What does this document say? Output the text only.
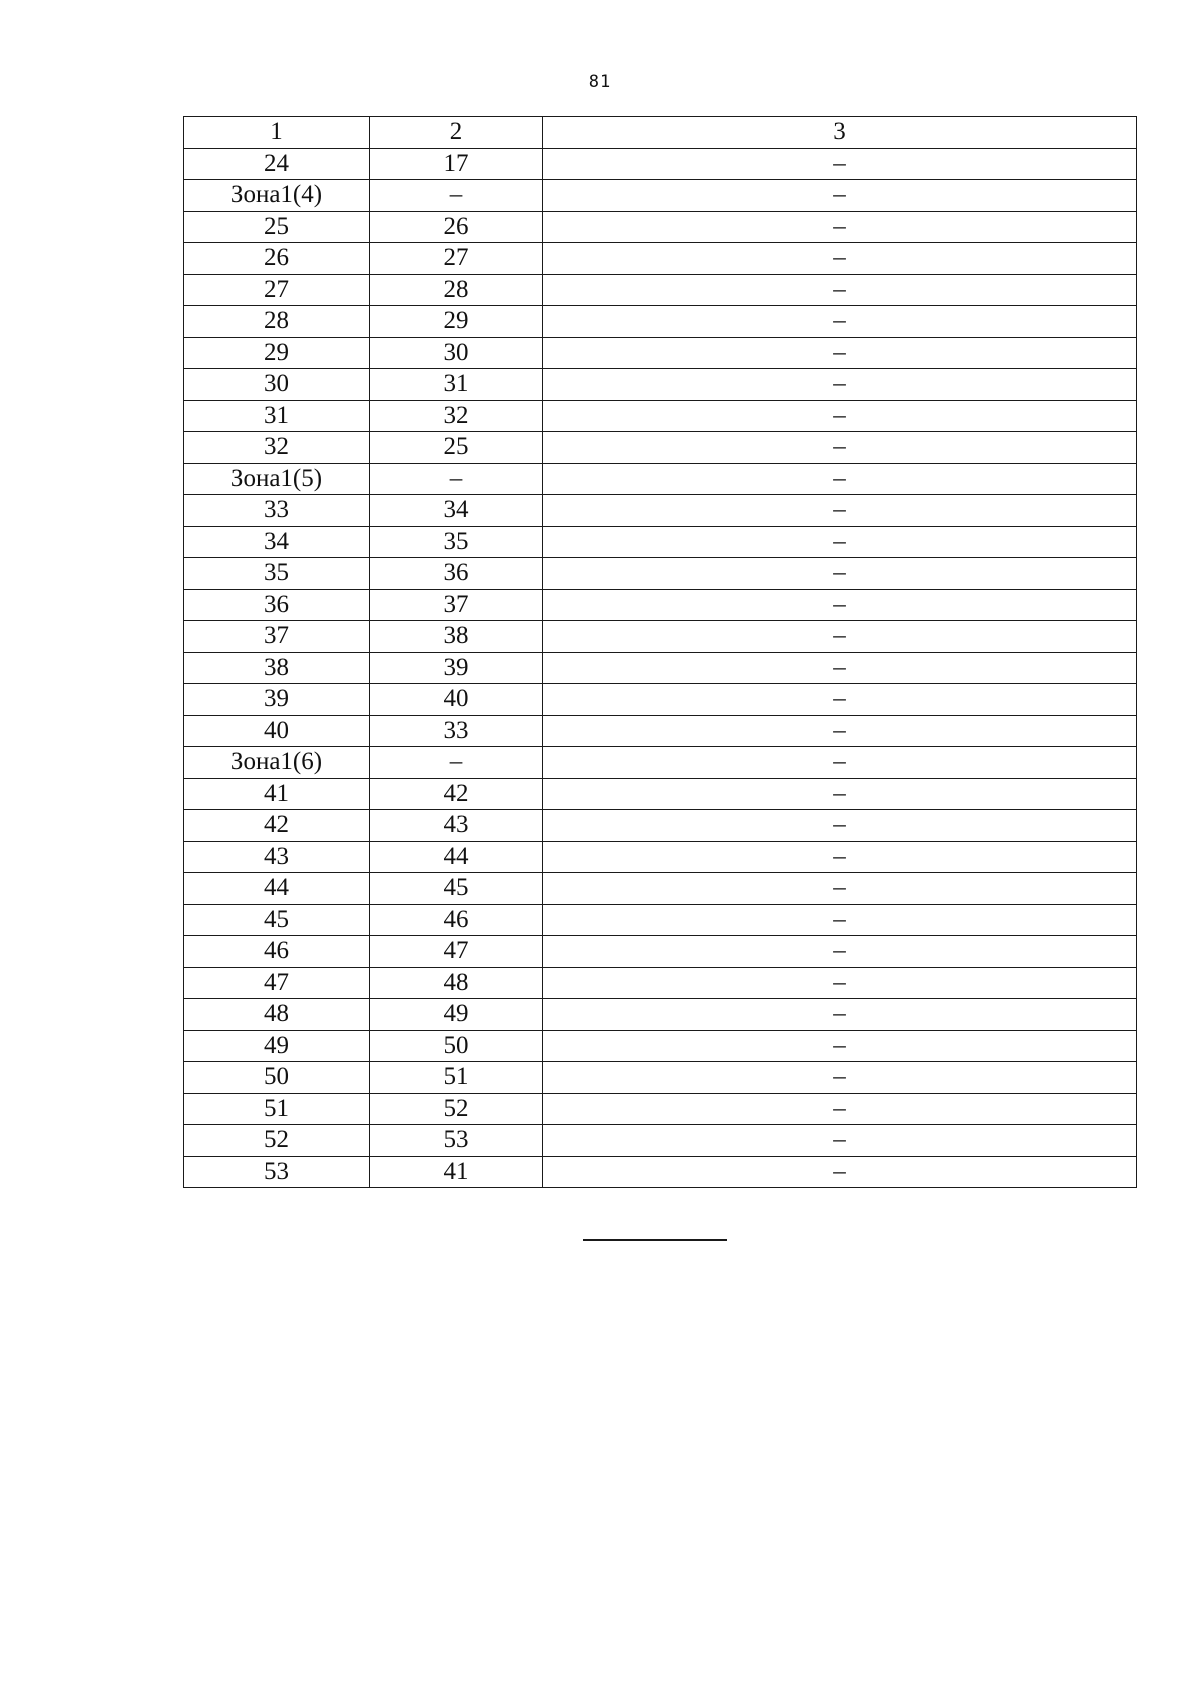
81
1	2	3
24	17	–
Зона1(4)	–	–
25	26	–
26	27	–
27	28	–
28	29	–
29	30	–
30	31	–
31	32	–
32	25	–
Зона1(5)	–	–
33	34	–
34	35	–
35	36	–
36	37	–
37	38	–
38	39	–
39	40	–
40	33	–
Зона1(6)	–	–
41	42	–
42	43	–
43	44	–
44	45	–
45	46	–
46	47	–
47	48	–
48	49	–
49	50	–
50	51	–
51	52	–
52	53	–
53	41	–
